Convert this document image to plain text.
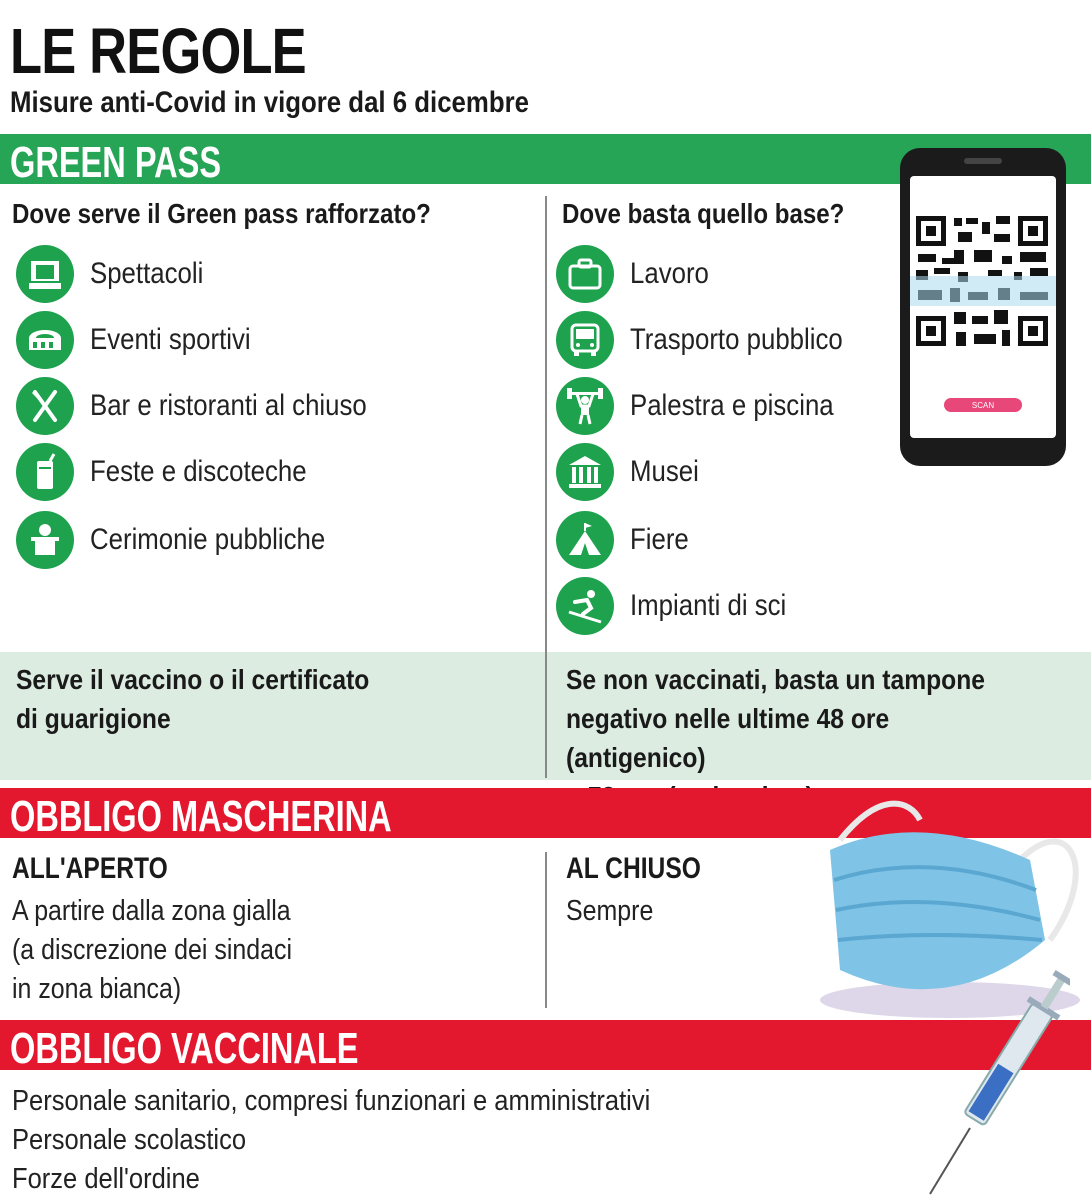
LE REGOLE
Misure anti-Covid in vigore dal 6 dicembre
GREEN PASS
SCAN
Dove serve il Green pass rafforzato?	Dove basta quello base?
Spettacoli
Eventi sportivi
Bar e ristoranti al chiuso
Feste e discoteche
Cerimonie pubbliche
Lavoro
Trasporto pubblico
Palestra e piscina
Musei
Fiere
Impianti di sci
Serve il vaccino o il certificato
di guarigione
Se non vaccinati, basta un tampone
negativo nelle ultime 48 ore (antigenico)
OBBLIGO MASCHERINA
ALL'APERTO
A partire dalla zona gialla
(a discrezione dei sindaci
in zona bianca)
AL CHIUSO
Sempre
OBBLIGO VACCINALE
Personale sanitario, compresi funzionari e amministrativi
Personale scolastico
Forze dell'ordine
